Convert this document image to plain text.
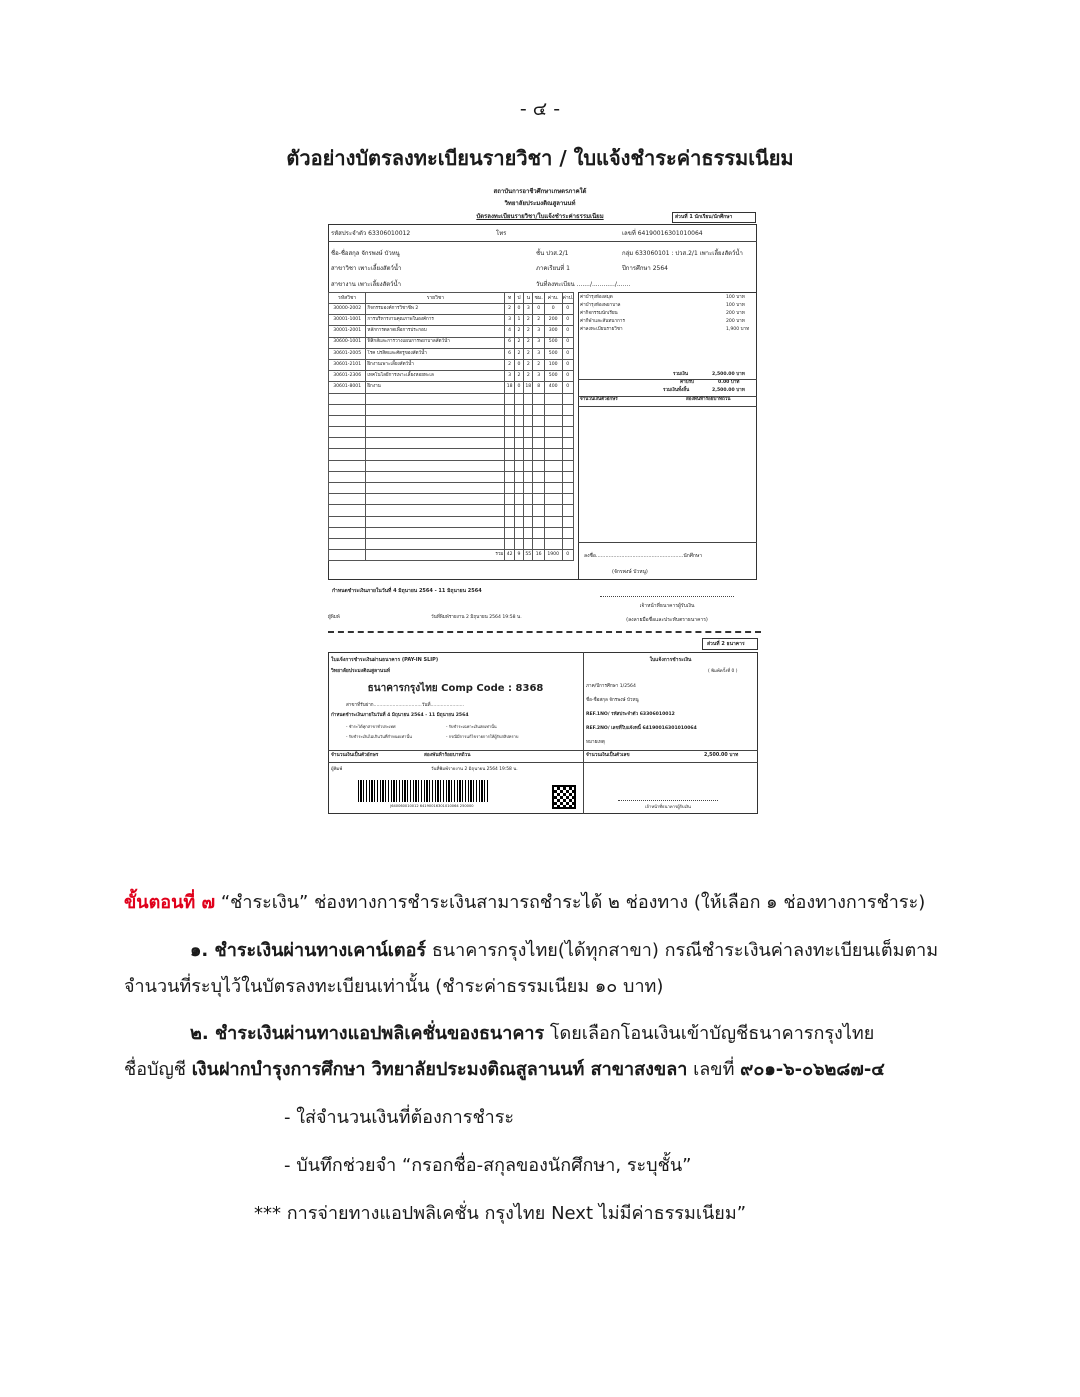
- ๔ -
ตัวอย่างบัตรลงทะเบียนรายวิชา / ใบแจ้งชำระค่าธรรมเนียม
สถาบันการอาชีวศึกษาเกษตรภาคใต้
วิทยาลัยประมงติณสูลานนท์
บัตรลงทะเบียนรายวิชา/ใบแจ้งชำระค่าธรรมเนียม	ส่วนที่ 1 นักเรียน/นักศึกษา
รหัสประจำตัว 63306010012	โทร	เลขที่ 64190016301010064
ชื่อ-ชื่อสกุล จักรพงษ์ บัวหนู	ชั้น ปวส.2/1	กลุ่ม 633060101 : ปวส.2/1 เพาะเลี้ยงสัตว์น้ำ
สาขาวิชา เพาะเลี้ยงสัตว์น้ำ	ภาคเรียนที่ 1	ปีการศึกษา 2564
สาขางาน เพาะเลี้ยงสัตว์น้ำ	วันที่ลงทะเบียน ......./............/.......
รหัสวิชา	รายวิชา	ท	ป	น	ชม.	ค่าบ.	ค่าป.
30000-2002	กิจกรรมองค์การวิชาชีพ 2	2	0	3	0	0	0
30001-1001	การบริหารงานคุณภาพในองค์การ	3	1	2	2	200	0
30001-2001	หลักการตลาดเพื่อการประกอบ	4	2	2	3	300	0
30600-1001	ฟิสิกส์และการวางแผนการพยาบาลสัตว์น้ำ	6	2	2	3	500	0
30601-2005	โรค ปรสิตและศัตรูของสัตว์น้ำ	6	2	2	3	500	0
30601-2101	ฝึกงานเพาะเลี้ยงสัตว์น้ำ	2	0	2	2	100	0
30601-2306	เทคโนโลยีการเพาะเลี้ยงหอยทะเล	3	2	2	3	500	0
30601-8001	ฝึกงาน	18	0	18	8	400	0

	รวม	42	9	55	16	1900	0
ค่าบำรุงห้องสมุด	100 บาท
ค่าบำรุงห้องพยาบาล	100 บาท
ค่ากิจกรรมนักเรียน	200 บาท
ค่ากีฬาและสันทนาการ	200 บาท
ค่าลงทะเบียนรายวิชา	1,900 บาท
รวมเงิน	2,500.00 บาท
ค่าปรับ	0.00 บาท
รวมเงินทั้งสิ้น	2,500.00 บาท
จำนวนเงินตัวอักษร	สองพันห้าร้อยบาทถ้วน
ลงชื่อ.......................................................นักศึกษา
(จักรพงษ์ บัวหนู)
กำหนดชำระเงินภายในวันที่ 4 มิถุนายน 2564 - 11 มิถุนายน 2564
เจ้าหน้าที่ธนาคารผู้รับเงิน
(ลงลายมือชื่อและประทับตราธนาคาร)
ผู้พิมพ์	วันที่พิมพ์รายงาน 2 มิถุนายน 2564 19:58 น.
ส่วนที่ 2 ธนาคาร
ใบแจ้งการชำระเงินผ่านธนาคาร (PAY-IN SLIP)
วิทยาลัยประมงติณสูลานนท์
ธนาคารกรุงไทย Comp Code : 8368
สาขาที่รับฝาก.................................วันที่.......................
กำหนดชำระเงินภายในวันที่ 4 มิถุนายน 2564 - 11 มิถุนายน 2564
- ชำระได้ทุกสาขาทั่วประเทศ	- รับชำระเฉพาะเงินสดเท่านั้น
- รับชำระเงินไม่เกินวันที่กำหนดเท่านั้น	- กรณีมีการแก้ไขรายการให้ผู้รับสลิปทราบ
จำนวนเงินเป็นตัวอักษร	สองพันห้าร้อยบาทถ้วน
ผู้พิมพ์	วันที่พิมพ์รายงาน 2 มิถุนายน 2564 19:58 น.
|640060010012 64190016301010064 250000
ใบแจ้งการชำระเงิน
( พิมพ์ครั้งที่ 0 )
ภาค/ปีการศึกษา 1/2564
ชื่อ-ชื่อสกุล จักรพงษ์ บัวหนู
REF.1NO/ รหัสประจำตัว 63306010012
REF.2NO/ เลขที่ใบแจ้งหนี้ 64190016301010064
หมายเหตุ
จำนวนเงินเป็นตัวเลข	2,500.00 บาท
เจ้าหน้าที่ธนาคารผู้รับเงิน
ขั้นตอนที่ ๗ “ชำระเงิน” ช่องทางการชำระเงินสามารถชำระได้ ๒ ช่องทาง (ให้เลือก ๑ ช่องทางการชำระ)
๑. ชำระเงินผ่านทางเคาน์เตอร์ ธนาคารกรุงไทย(ได้ทุกสาขา) กรณีชำระเงินค่าลงทะเบียนเต็มตาม
จำนวนที่ระบุไว้ในบัตรลงทะเบียนเท่านั้น (ชำระค่าธรรมเนียม ๑๐ บาท)
๒. ชำระเงินผ่านทางแอปพลิเคชั่นของธนาคาร โดยเลือกโอนเงินเข้าบัญชีธนาคารกรุงไทย
ชื่อบัญชี เงินฝากบำรุงการศึกษา วิทยาลัยประมงติณสูลานนท์ สาขาสงขลา เลขที่ ๙๐๑-๖-๐๖๒๘๗-๔
- ใส่จำนวนเงินที่ต้องการชำระ
- บันทึกช่วยจำ “กรอกชื่อ-สกุลของนักศึกษา, ระบุชั้น”
*** การจ่ายทางแอปพลิเคชั่น กรุงไทย Next ไม่มีค่าธรรมเนียม”
